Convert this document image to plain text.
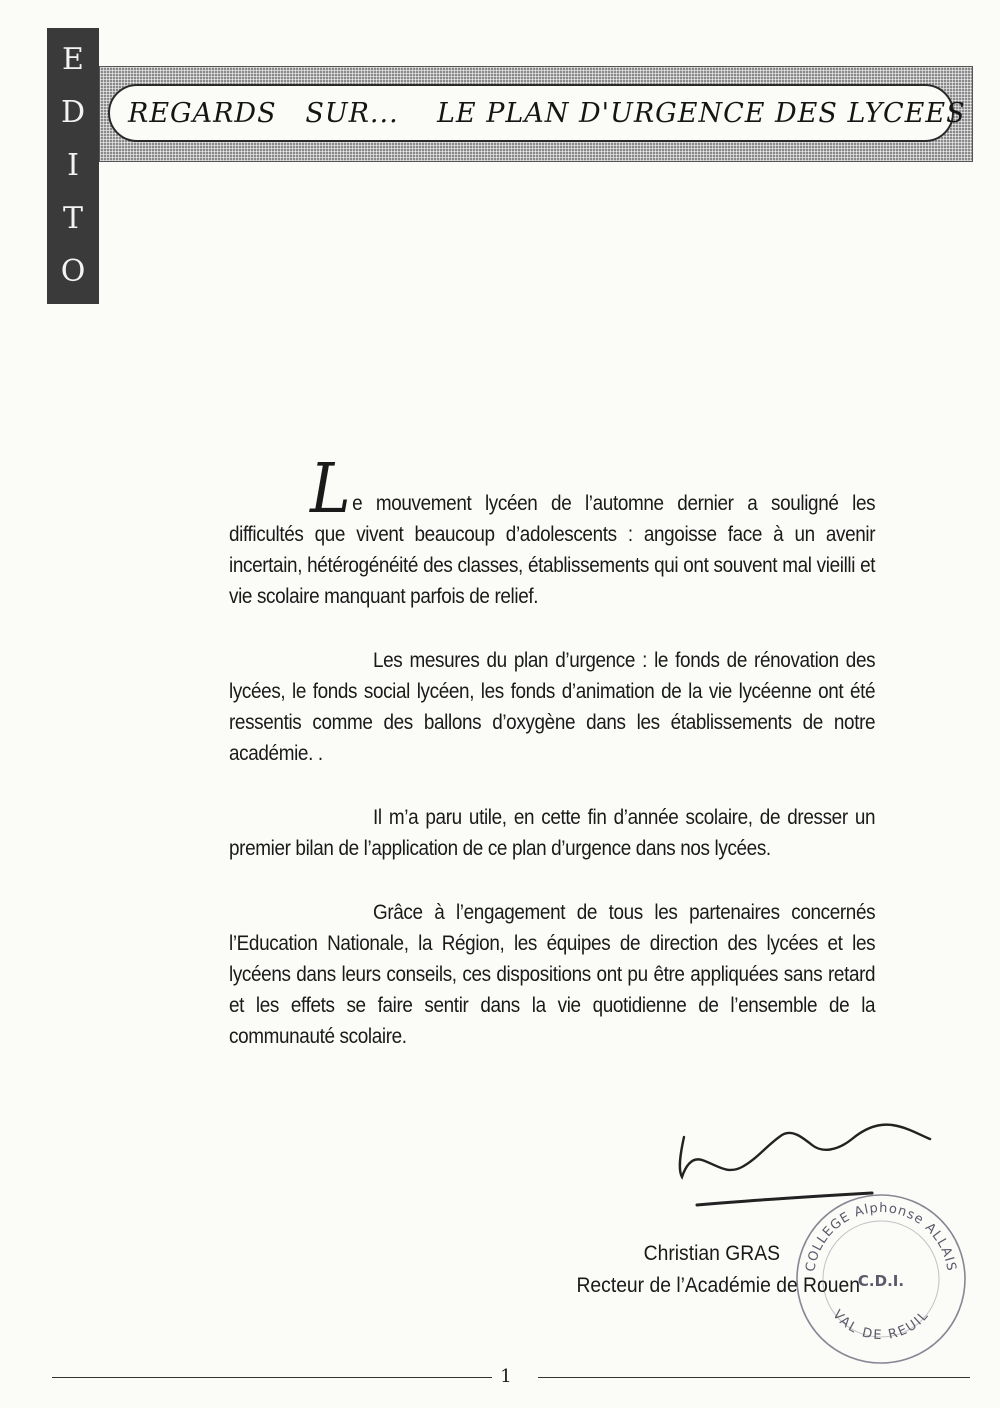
E
D
I
T
O
REGARDS   SUR...    LE PLAN D'URGENCE DES LYCEES

Le mouvement lycéen de l’automne dernier a souligné les difficultés que vivent beaucoup d’adolescents : angoisse face à un avenir incertain, hétérogénéité des classes, établissements qui ont souvent mal vieilli et vie scolaire manquant parfois de relief.

Les mesures du plan d’urgence : le fonds de rénovation des lycées, le fonds social lycéen, les fonds d’animation de la vie lycéenne ont été ressentis comme des ballons d’oxygène dans les établissements de notre académie. .

Il m’a paru utile, en cette fin d’année scolaire, de dresser un premier bilan de l’application de ce plan d’urgence dans nos lycées.

Grâce à l’engagement de tous les partenaires concernés l’Education Nationale, la Région, les équipes de direction des lycées et les lycéens dans leurs conseils, ces dispositions ont pu être appliquées sans retard et les effets se faire sentir dans la vie quotidienne de l’ensemble de la communauté scolaire.

Christian GRAS
Recteur de l’Académie de Rouen
COLLEGE Alphonse ALLAIS
VAL DE REUIL
C.D.I.
1
